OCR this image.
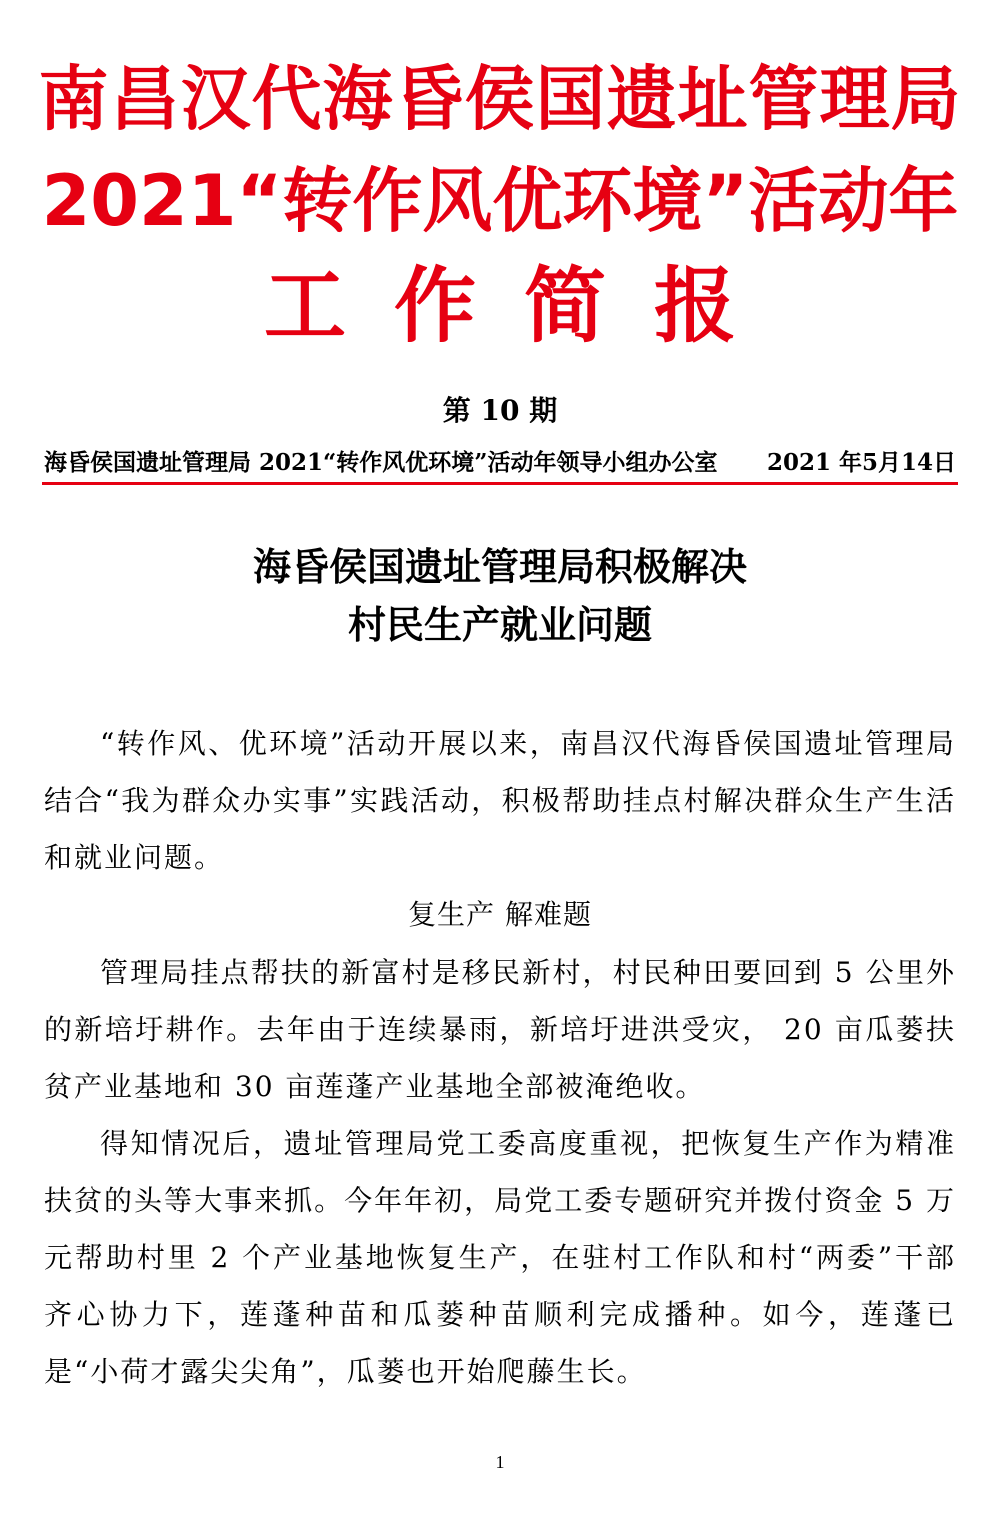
南昌汉代海昏侯国遗址管理局
2021“转作风优环境”活动年
工作简报
第 10 期
海昏侯国遗址管理局 2021“转作风优环境”活动年领导小组办公室 2021 年5月14日
海昏侯国遗址管理局积极解决
村民生产就业问题

“转作风、优环境”活动开展以来，南昌汉代海昏侯国遗址管理局结合“我为群众办实事”实践活动，积极帮助挂点村解决群众生产生活和就业问题。

复生产 解难题

管理局挂点帮扶的新富村是移民新村，村民种田要回到 5 公里外的新培圩耕作。去年由于连续暴雨，新培圩进洪受灾， 20 亩瓜蒌扶贫产业基地和 30 亩莲蓬产业基地全部被淹绝收。

得知情况后，遗址管理局党工委高度重视，把恢复生产作为精准扶贫的头等大事来抓。今年年初，局党工委专题研究并拨付资金 5 万元帮助村里 2 个产业基地恢复生产，在驻村工作队和村“两委”干部齐心协力下，莲蓬种苗和瓜蒌种苗顺利完成播种。如今，莲蓬已是“小荷才露尖尖角”，瓜蒌也开始爬藤生长。

1
